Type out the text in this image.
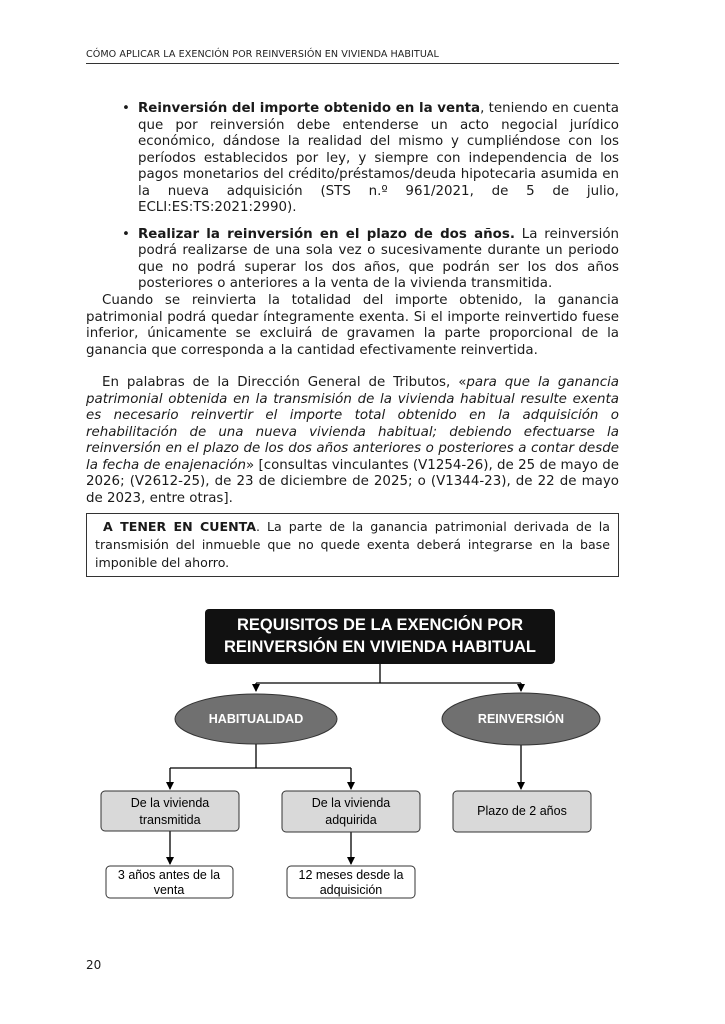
CÓMO APLICAR LA EXENCIÓN POR REINVERSIÓN EN VIVIENDA HABITUAL
• Reinversión del importe obtenido en la venta, teniendo en cuenta que por reinversión debe entenderse un acto negocial jurídico económico, dándose la realidad del mismo y cumpliéndose con los períodos establecidos por ley, y siempre con independencia de los pagos monetarios del crédito/préstamos/deuda hipotecaria asumida en la nueva adquisición (STS n.º 961/2021, de 5 de julio, ECLI:ES:TS:2021:2990).
• Realizar la reinversión en el plazo de dos años. La reinversión podrá realizarse de una sola vez o sucesivamente durante un periodo que no podrá superar los dos años, que podrán ser los dos años posteriores o anteriores a la venta de la vivienda transmitida.

Cuando se reinvierta la totalidad del importe obtenido, la ganancia patrimonial podrá quedar íntegramente exenta. Si el importe reinvertido fuese inferior, únicamente se excluirá de gravamen la parte proporcional de la ganancia que corresponda a la cantidad efectivamente reinvertida.

En palabras de la Dirección General de Tributos, «para que la ganancia patrimonial obtenida en la transmisión de la vivienda habitual resulte exenta es necesario reinvertir el importe total obtenido en la adquisición o rehabilitación de una nueva vivienda habitual; debiendo efectuarse la reinversión en el plazo de los dos años anteriores o posteriores a contar desde la fecha de enajenación» [consultas vinculantes (V1254-26), de 25 de mayo de 2026; (V2612-25), de 23 de diciembre de 2025; o (V1344-23), de 22 de mayo de 2023, entre otras].

A TENER EN CUENTA. La parte de la ganancia patrimonial derivada de la transmisión del inmueble que no quede exenta deberá integrarse en la base imponible del ahorro.
REQUISITOS DE LA EXENCIÓN POR
REINVERSIÓN EN VIVIENDA HABITUAL
HABITUALIDAD	REINVERSIÓN
De la vivienda
transmitida
De la vivienda
adquirida
Plazo de 2 años
3 años antes de la
venta
12 meses desde la
adquisición
20
